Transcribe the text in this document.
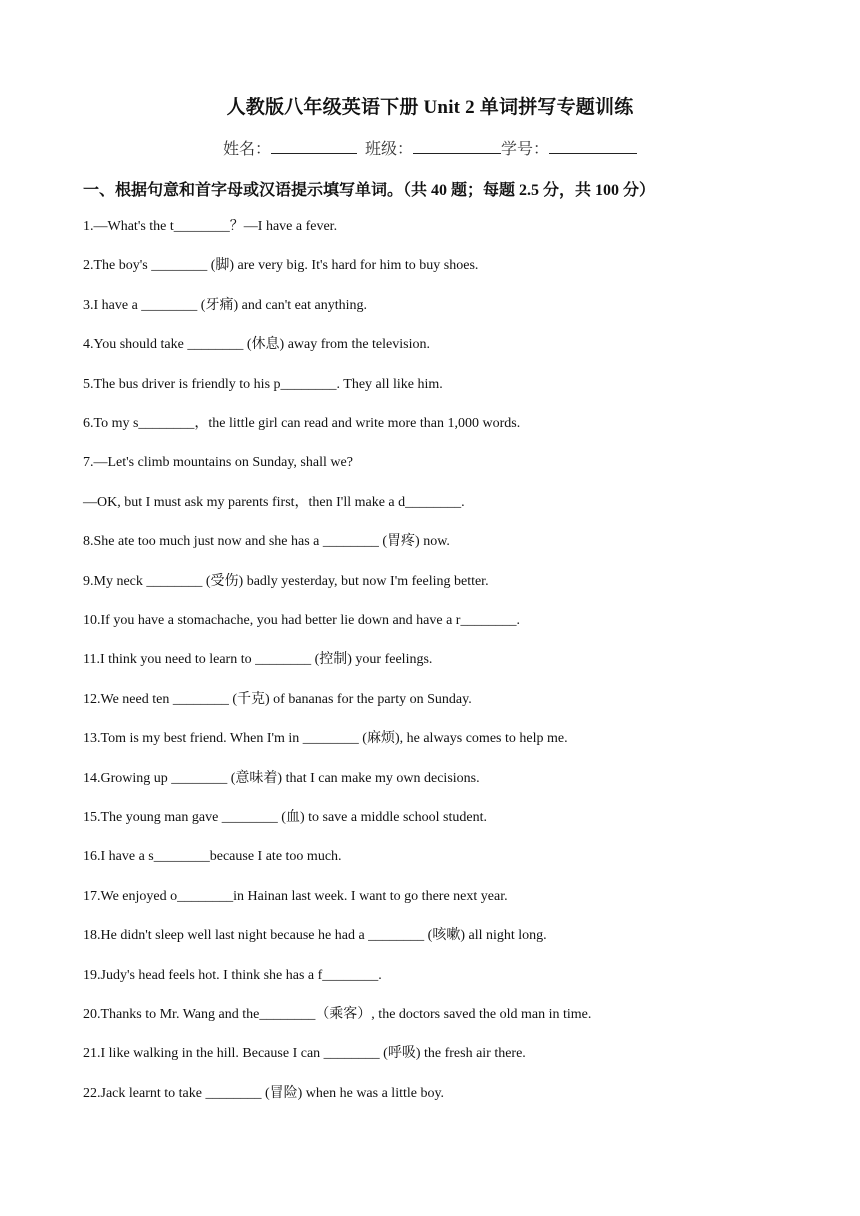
人教版八年级英语下册 Unit 2 单词拼写专题训练
姓名：	班级：	学号：
一、根据句意和首字母或汉语提示填写单词。（共 40 题；每题 2.5 分，共 100 分）
1.—What's the t________？—I have a fever.
2.The boy's ________ (脚) are very big. It's hard for him to buy shoes.
3.I have a ________ (牙痛) and can't eat anything.
4.You should take ________ (休息) away from the television.
5.The bus driver is friendly to his p________. They all like him.
6.To my s________，the little girl can read and write more than 1,000 words.
7.—Let's climb mountains on Sunday, shall we?
—OK, but I must ask my parents first，then I'll make a d________.
8.She ate too much just now and she has a ________ (胃疼) now.
9.My neck ________ (受伤) badly yesterday, but now I'm feeling better.
10.If you have a stomachache, you had better lie down and have a r________.
11.I think you need to learn to ________ (控制) your feelings.
12.We need ten ________ (千克) of bananas for the party on Sunday.
13.Tom is my best friend. When I'm in ________ (麻烦), he always comes to help me.
14.Growing up ________ (意味着) that I can make my own decisions.
15.The young man gave ________ (血) to save a middle school student.
16.I have a s________because I ate too much.
17.We enjoyed o________in Hainan last week. I want to go there next year.
18.He didn't sleep well last night because he had a ________ (咳嗽) all night long.
19.Judy's head feels hot. I think she has a f________.
20.Thanks to Mr. Wang and the________（乘客）, the doctors saved the old man in time.
21.I like walking in the hill. Because I can ________ (呼吸) the fresh air there.
22.Jack learnt to take ________ (冒险) when he was a little boy.
